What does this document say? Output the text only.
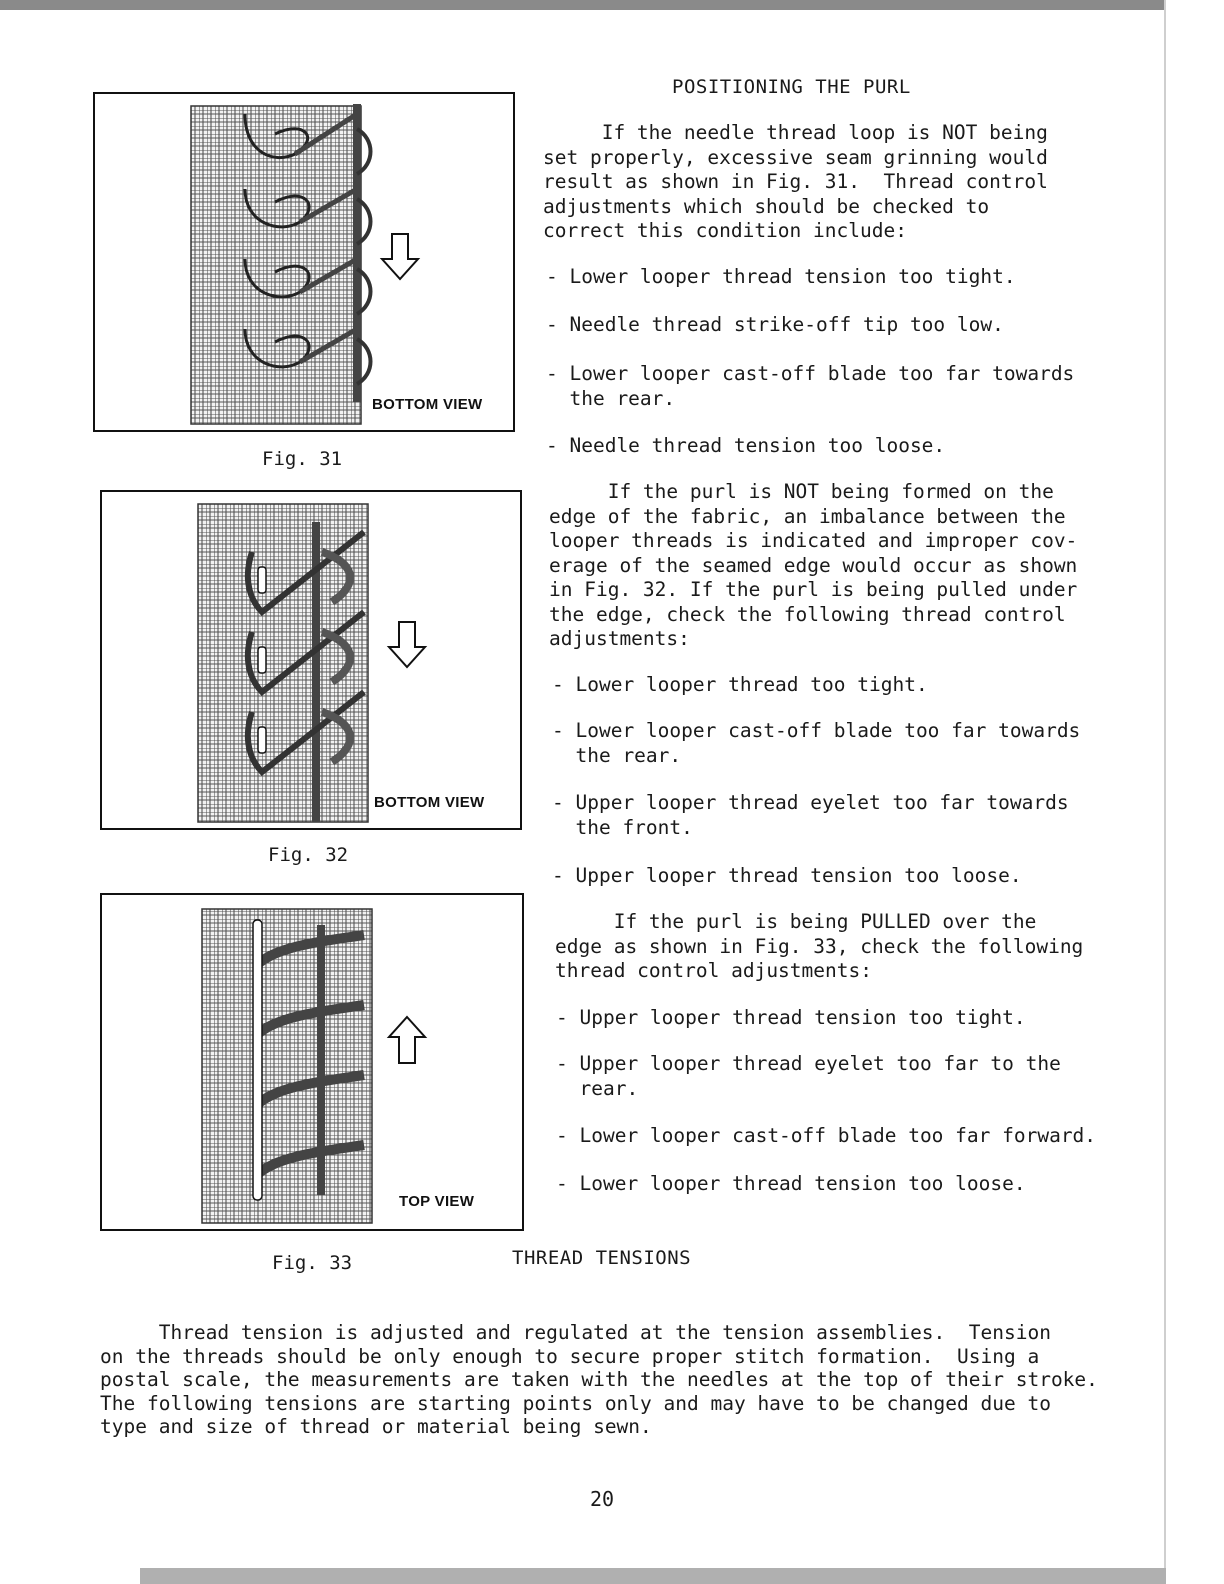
BOTTOM VIEW
Fig. 31
BOTTOM VIEW
Fig. 32
TOP VIEW
Fig. 33
POSITIONING THE PURL

If the needle thread loop is NOT being
set properly, excessive seam grinning would
result as shown in Fig. 31.  Thread control
adjustments which should be checked to
correct this condition include:

- Lower looper thread tension too tight.

- Needle thread strike-off tip too low.

- Lower looper cast-off blade too far towards
the rear.

- Needle thread tension too loose.

If the purl is NOT being formed on the
edge of the fabric, an imbalance between the
looper threads is indicated and improper cov-
erage of the seamed edge would occur as shown
in Fig. 32. If the purl is being pulled under
the edge, check the following thread control
adjustments:

- Lower looper thread too tight.

- Lower looper cast-off blade too far towards
the rear.

- Upper looper thread eyelet too far towards
the front.

- Upper looper thread tension too loose.

If the purl is being PULLED over the
edge as shown in Fig. 33, check the following
thread control adjustments:

- Upper looper thread tension too tight.

- Upper looper thread eyelet too far to the
rear.

- Lower looper cast-off blade too far forward.

- Lower looper thread tension too loose.

THREAD TENSIONS

Thread tension is adjusted and regulated at the tension assemblies.  Tension
on the threads should be only enough to secure proper stitch formation.  Using a
postal scale, the measurements are taken with the needles at the top of their stroke.
The following tensions are starting points only and may have to be changed due to
type and size of thread or material being sewn.

20
